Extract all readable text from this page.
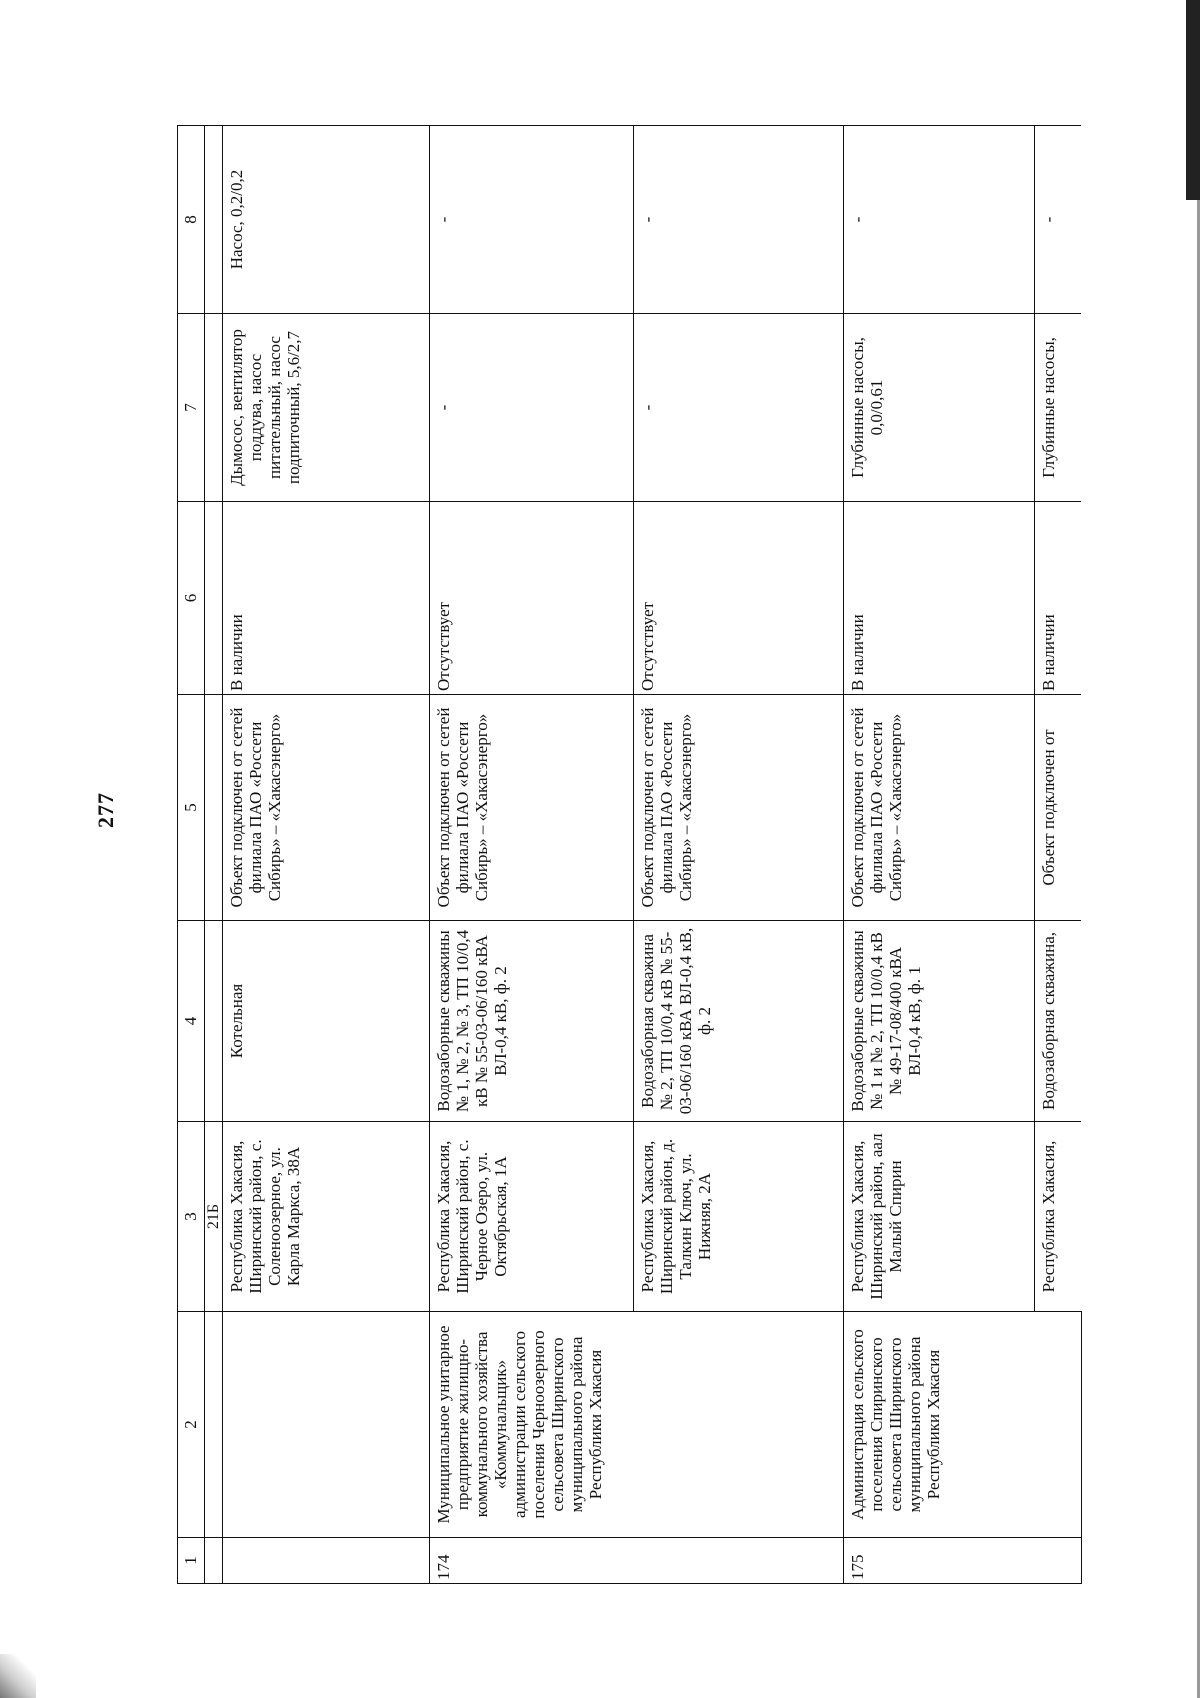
277
1	2	3	4	5	6	7	8
		21Б					
		Республика Хакасия, Ширинский район, с. Соленоозерное, ул. Карла Маркса, 38А	Котельная	Объект подключен от сетей филиала ПАО «Россети Сибирь» – «Хакасэнерго»	В наличии	Дымосос, вентилятор поддува, насос питательный, насос подпиточный, 5,6/2,7	Насос, 0,2/0,2
174	Муниципальное унитарное предприятие жилищно-коммунального хозяйства «Коммунальщик» администрации сельского поселения Черноозерного сельсовета Ширинского муниципального района Республики Хакасия	Республика Хакасия, Ширинский район, с. Черное Озеро, ул. Октябрьская, 1А	Водозаборные скважины № 1, № 2, № 3, ТП 10/0,4 кВ № 55-03-06/160 кВА ВЛ-0,4 кВ, ф. 2	Объект подключен от сетей филиала ПАО «Россети Сибирь» – «Хакасэнерго»	Отсутствует	-	-
		Республика Хакасия, Ширинский район, д. Талкин Ключ, ул. Нижняя, 2А	Водозаборная скважина № 2, ТП 10/0,4 кВ № 55-03-06/160 кВА ВЛ-0,4 кВ, ф. 2	Объект подключен от сетей филиала ПАО «Россети Сибирь» – «Хакасэнерго»	Отсутствует	-	-
175	Администрация сельского поселения Спиринского сельсовета Ширинского муниципального района Республики Хакасия	Республика Хакасия, Ширинский район, аал Малый Спирин	Водозаборные скважины № 1 и № 2, ТП 10/0,4 кВ № 49-17-08/400 кВА ВЛ-0,4 кВ, ф. 1	Объект подключен от сетей филиала ПАО «Россети Сибирь» – «Хакасэнерго»	В наличии	Глубинные насосы, 0,0/0,61	-
		Республика Хакасия,	Водозаборная скважина,	Объект подключен от	В наличии	Глубинные насосы,	-
